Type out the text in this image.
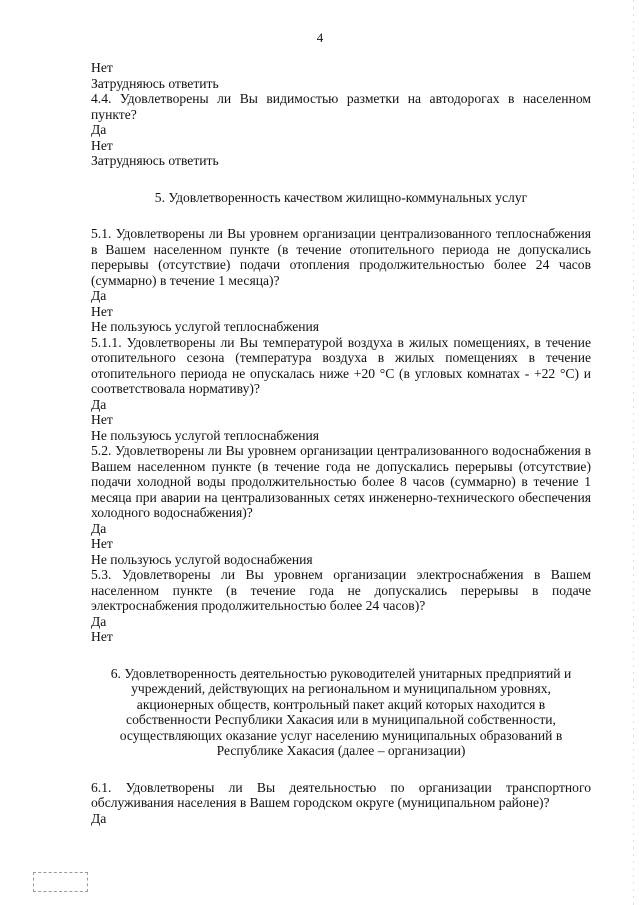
4
Нет
Затрудняюсь ответить

4.4. Удовлетворены ли Вы видимостью разметки на автодорогах в населенном пункте?

Да
Нет
Затрудняюсь ответить
5. Удовлетворенность качеством жилищно-коммунальных услуг

5.1. Удовлетворены ли Вы уровнем организации централизованного теплоснабжения в Вашем населенном пункте (в течение отопительного периода не допускались перерывы (отсутствие) подачи отопления продолжительностью более 24 часов (суммарно) в течение 1 месяца)?

Да
Нет
Не пользуюсь услугой теплоснабжения

5.1.1. Удовлетворены ли Вы температурой воздуха в жилых помещениях, в течение отопительного сезона (температура воздуха в жилых помещениях в течение отопительного периода не опускалась ниже +20 °С (в угловых комнатах - +22 °С) и соответствовала нормативу)?

Да
Нет
Не пользуюсь услугой теплоснабжения

5.2. Удовлетворены ли Вы уровнем организации централизованного водоснабжения в Вашем населенном пункте (в течение года не допускались перерывы (отсутствие) подачи холодной воды продолжительностью более 8 часов (суммарно) в течение 1 месяца при аварии на централизованных сетях инженерно-технического обеспечения холодного водоснабжения)?

Да
Нет
Не пользуюсь услугой водоснабжения

5.3. Удовлетворены ли Вы уровнем организации электроснабжения в Вашем населенном пункте (в течение года не допускались перерывы в подаче электроснабжения продолжительностью более 24 часов)?

Да
Нет
6. Удовлетворенность деятельностью руководителей унитарных предприятий и учреждений, действующих на региональном и муниципальном уровнях, акционерных обществ, контрольный пакет акций которых находится в собственности Республики Хакасия или в муниципальной собственности, осуществляющих оказание услуг населению муниципальных образований в Республике Хакасия (далее – организации)

6.1. Удовлетворены ли Вы деятельностью по организации транспортного обслуживания населения в Вашем городском округе (муниципальном районе)?

Да
